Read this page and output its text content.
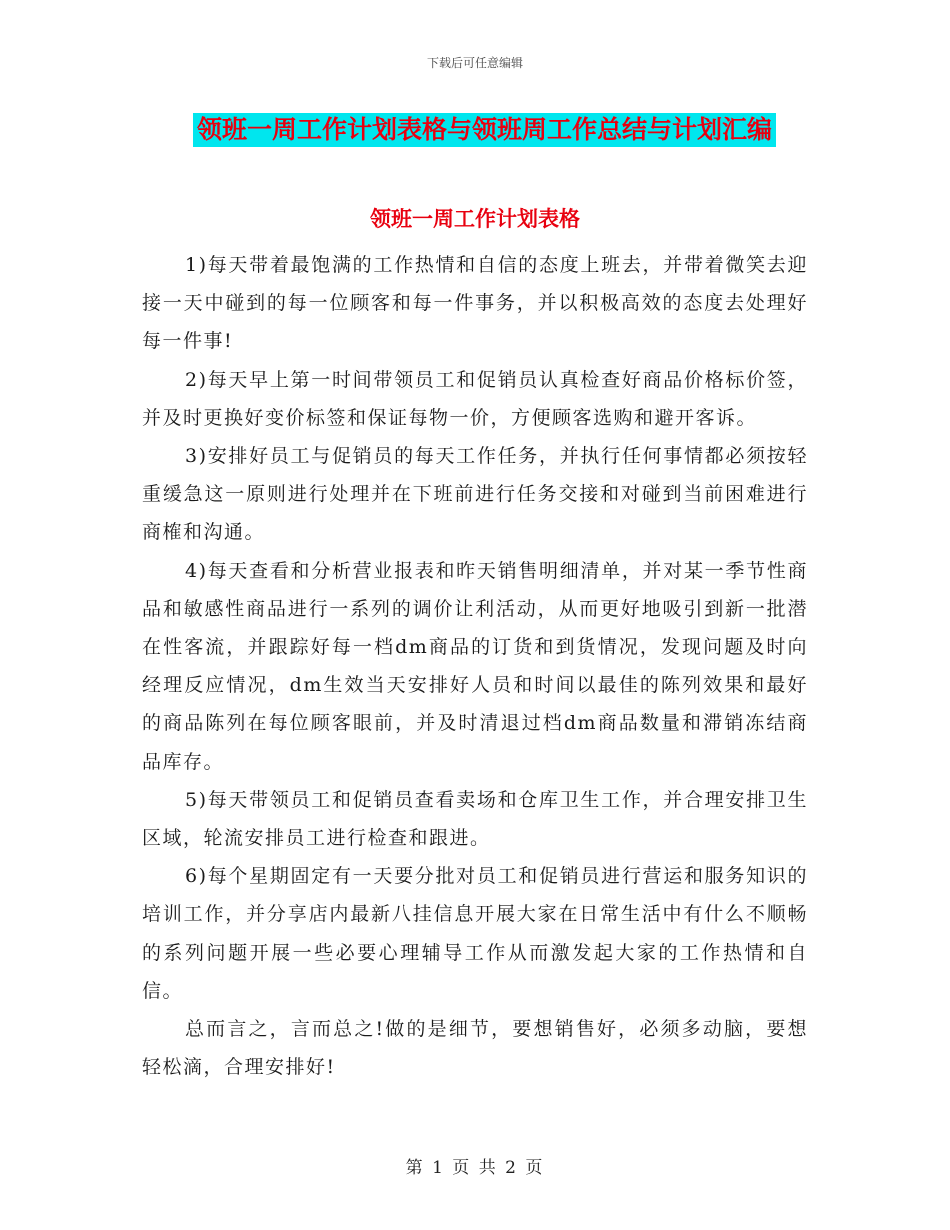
下载后可任意编辑
领班一周工作计划表格与领班周工作总结与计划汇编
领班一周工作计划表格

1)每天带着最饱满的工作热情和自信的态度上班去，并带着微笑去迎接一天中碰到的每一位顾客和每一件事务，并以积极高效的态度去处理好每一件事!

2)每天早上第一时间带领员工和促销员认真检查好商品价格标价签，并及时更换好变价标签和保证每物一价，方便顾客选购和避开客诉。

3)安排好员工与促销员的每天工作任务，并执行任何事情都必须按轻重缓急这一原则进行处理并在下班前进行任务交接和对碰到当前困难进行商榷和沟通。

4)每天查看和分析营业报表和昨天销售明细清单，并对某一季节性商品和敏感性商品进行一系列的调价让利活动，从而更好地吸引到新一批潜在性客流，并跟踪好每一档dm商品的订货和到货情况，发现问题及时向经理反应情况，dm生效当天安排好人员和时间以最佳的陈列效果和最好的商品陈列在每位顾客眼前，并及时清退过档dm商品数量和滞销冻结商品库存。

5)每天带领员工和促销员查看卖场和仓库卫生工作，并合理安排卫生区域，轮流安排员工进行检查和跟进。

6)每个星期固定有一天要分批对员工和促销员进行营运和服务知识的培训工作，并分享店内最新八挂信息开展大家在日常生活中有什么不顺畅的系列问题开展一些必要心理辅导工作从而激发起大家的工作热情和自信。

总而言之，言而总之!做的是细节，要想销售好，必须多动脑，要想轻松滴，合理安排好!

第 1 页 共 2 页
